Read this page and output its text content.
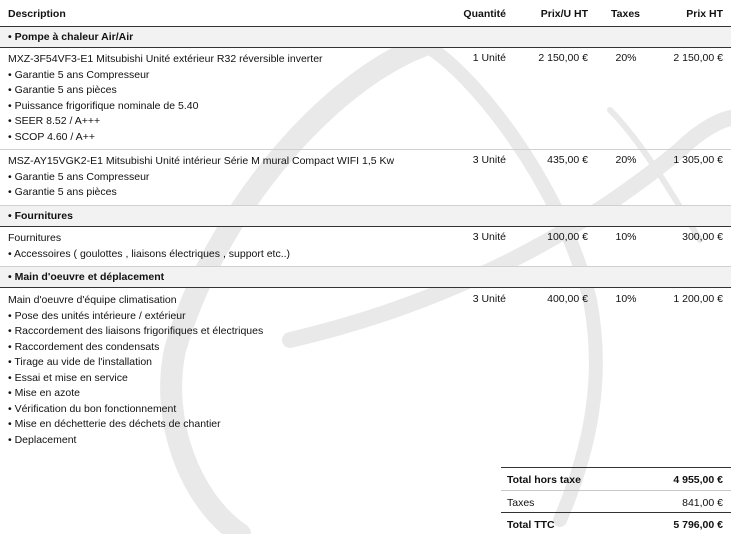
Description	Quantité	Prix/U HT Taxes	Prix HT
• Pompe à chaleur Air/Air
MXZ-3F54VF3-E1 Mitsubishi Unité extérieur R32 réversible inverter
• Garantie 5 ans Compresseur
• Garantie 5 ans pièces
• Puissance frigorifique nominale de 5.40
• SEER 8.52 / A+++
• SCOP 4.60 / A++
1 Unité	2 150,00 €	20%	2 150,00 €
MSZ-AY15VGK2-E1 Mitsubishi Unité intérieur Série M mural Compact WIFI 1,5 Kw
• Garantie 5 ans Compresseur
• Garantie 5 ans pièces
3 Unité	435,00 €	20%	1 305,00 €
• Fournitures
Fournitures
• Accessoires ( goulottes , liaisons électriques , support etc..)
3 Unité	100,00 €	10%	300,00 €
• Main d'oeuvre et déplacement
Main d'oeuvre d'équipe climatisation
• Pose des unités intérieure / extérieur
• Raccordement des liaisons frigorifiques et électriques
• Raccordement des condensats
• Tirage au vide de l'installation
• Essai et mise en service
• Mise en azote
• Vérification du bon fonctionnement
• Mise en déchetterie des déchets de chantier
• Deplacement
3 Unité	400,00 €	10%	1 200,00 €
Total hors taxe	4 955,00 €
Taxes	841,00 €
Total TTC	5 796,00 €
